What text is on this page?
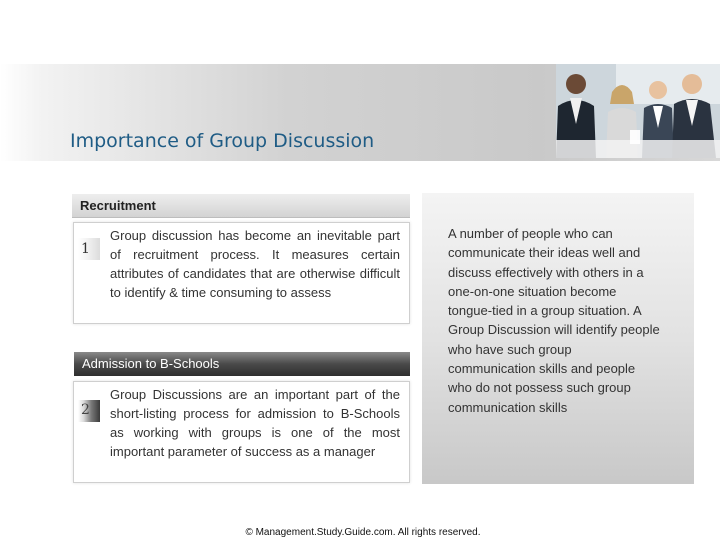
Importance of Group Discussion
Recruitment
1
Group discussion has become an inevitable part of recruitment process. It measures certain attributes of candidates that are otherwise difficult to identify & time consuming to assess
Admission to B-Schools
2
Group Discussions are an important part of the short-listing process for admission to B-Schools as working with groups is one of the most important parameter of success as a manager
A number of people who can communicate their ideas well and discuss effectively with others in a one-on-one situation become tongue-tied in a group situation. A Group Discussion will identify people who have such group communication skills and people who do not possess such group communication skills
© Management.Study.Guide.com. All rights reserved.
